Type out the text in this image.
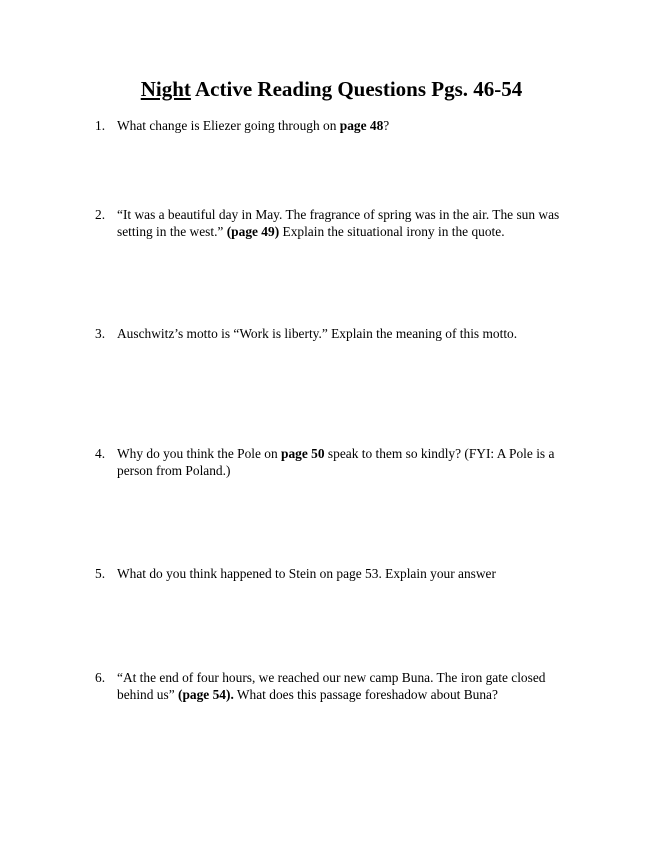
Night Active Reading Questions Pgs. 46-54
1. What change is Eliezer going through on page 48?
2. “It was a beautiful day in May. The fragrance of spring was in the air. The sun was setting in the west.” (page 49) Explain the situational irony in the quote.
3. Auschwitz’s motto is “Work is liberty.” Explain the meaning of this motto.
4. Why do you think the Pole on page 50 speak to them so kindly? (FYI: A Pole is a person from Poland.)
5. What do you think happened to Stein on page 53. Explain your answer
6. “At the end of four hours, we reached our new camp Buna. The iron gate closed behind us” (page 54). What does this passage foreshadow about Buna?
